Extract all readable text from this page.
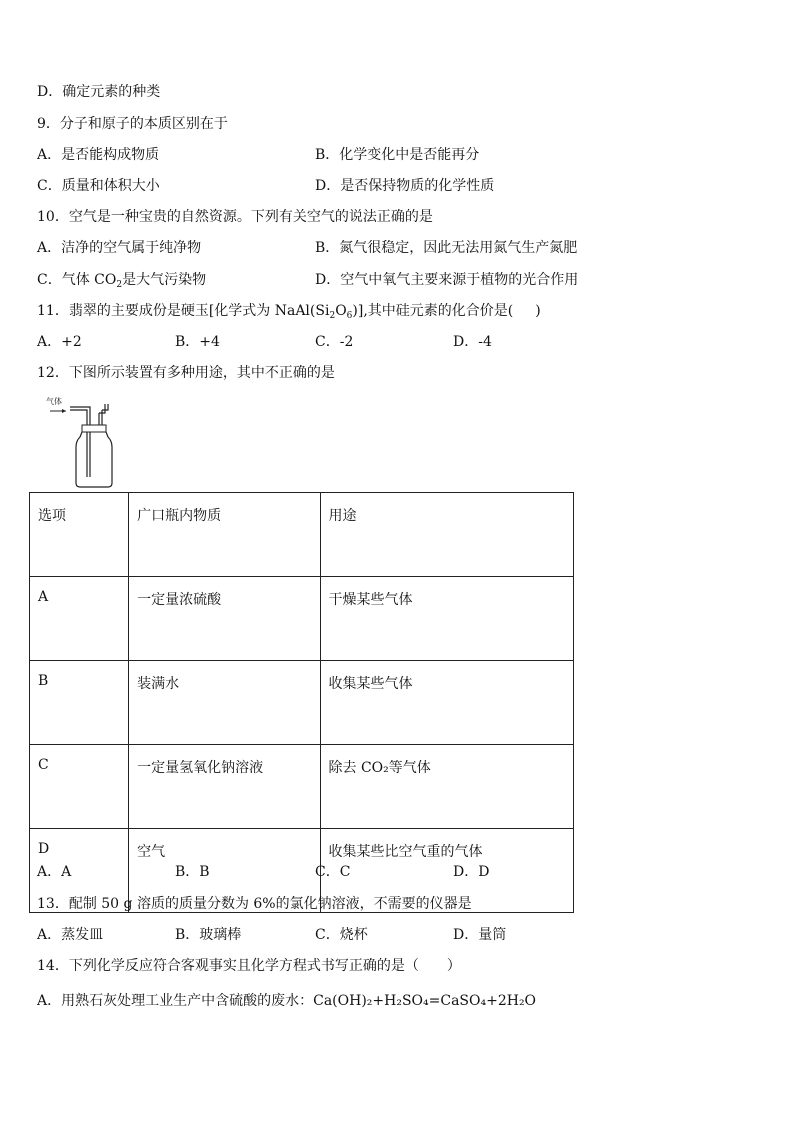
D．确定元素的种类
9．分子和原子的本质区别在于
A．是否能构成物质	B．化学变化中是否能再分
C．质量和体积大小	D．是否保持物质的化学性质
10．空气是一种宝贵的自然资源。下列有关空气的说法正确的是
A．洁净的空气属于纯净物	B．氮气很稳定，因此无法用氮气生产氮肥
C．气体 $CO_2$是大气污染物	D．空气中氧气主要来源于植物的光合作用
11．翡翠的主要成份是硬玉[化学式为 $NaAl(Si_2O_6)$],其中硅元素的化合价是( )
A．+2	B．+4	C．-2	D．-4
12．下图所示装置有多种用途，其中不正确的是
气体
选项	广口瓶内物质	用途
A	一定量浓硫酸	干燥某些气体
B	装满水	收集某些气体
C	一定量氢氧化钠溶液	除去 CO₂等气体
D	空气	收集某些比空气重的气体
A．A	B．B	C．C	D．D
13．配制 50 g 溶质的质量分数为 6%的氯化钠溶液，不需要的仪器是
A．蒸发皿	B．玻璃棒	C．烧杯	D．量筒
14．下列化学反应符合客观事实且化学方程式书写正确的是（　　）
A．用熟石灰处理工业生产中含硫酸的废水：Ca(OH)₂+H₂SO₄=CaSO₄+2H₂O
